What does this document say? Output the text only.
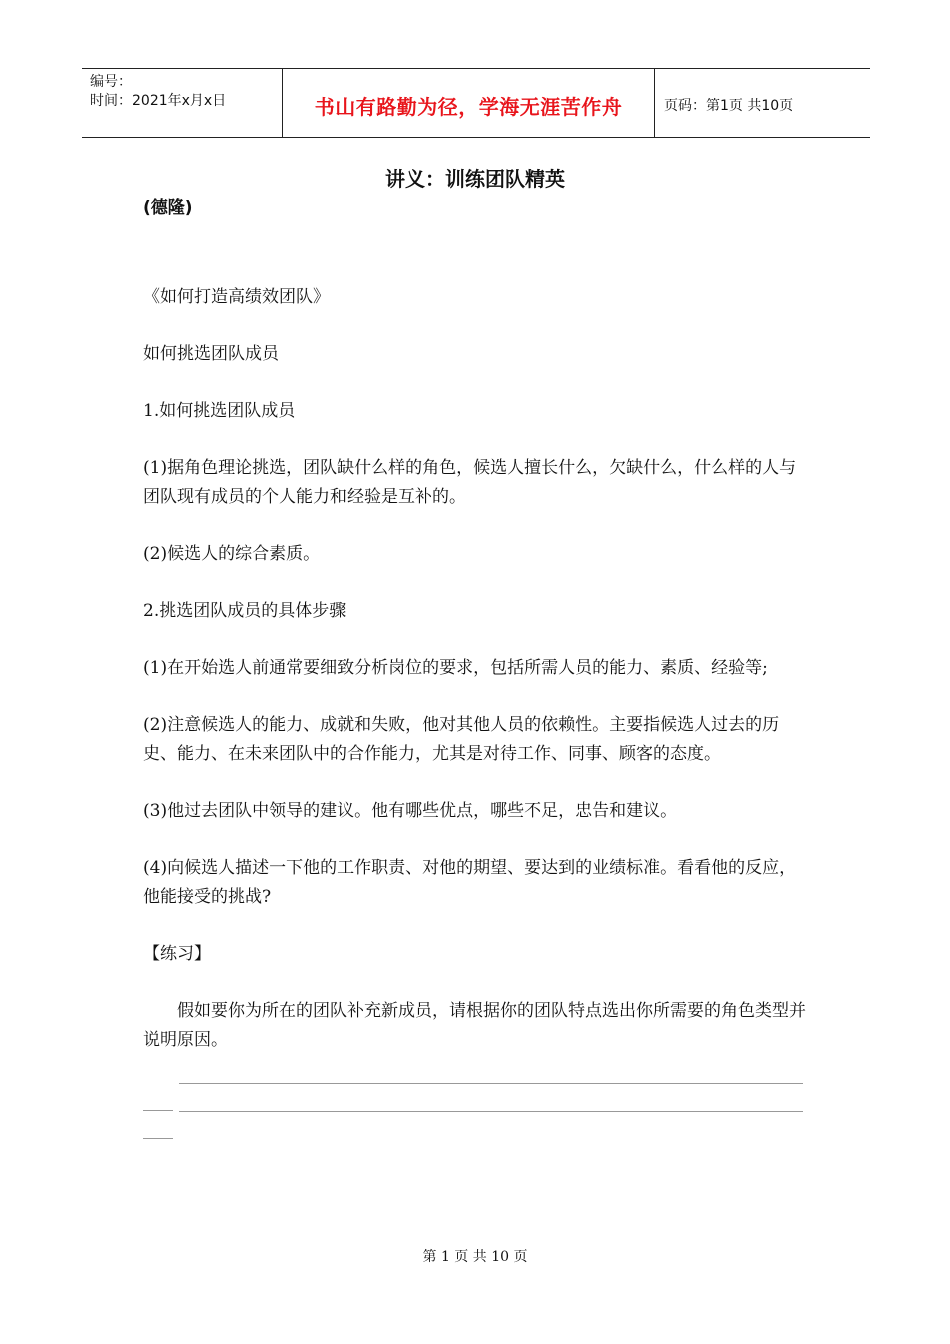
编号：
时间：2021年x月x日	书山有路勤为径，学海无涯苦作舟	页码：第1页 共10页
讲义：训练团队精英
(德隆)

《如何打造高绩效团队》

如何挑选团队成员

1.如何挑选团队成员

(1)据角色理论挑选，团队缺什么样的角色，候选人擅长什么，欠缺什么，什么样的人与团队现有成员的个人能力和经验是互补的。

(2)候选人的综合素质。

2.挑选团队成员的具体步骤

(1)在开始选人前通常要细致分析岗位的要求，包括所需人员的能力、素质、经验等;

(2)注意候选人的能力、成就和失败，他对其他人员的依赖性。主要指候选人过去的历史、能力、在未来团队中的合作能力，尤其是对待工作、同事、顾客的态度。

(3)他过去团队中领导的建议。他有哪些优点，哪些不足，忠告和建议。

(4)向候选人描述一下他的工作职责、对他的期望、要达到的业绩标准。看看他的反应，他能接受的挑战?

【练习】

假如要你为所在的团队补充新成员，请根据你的团队特点选出你所需要的角色类型并说明原因。

第 1 页 共 10 页
